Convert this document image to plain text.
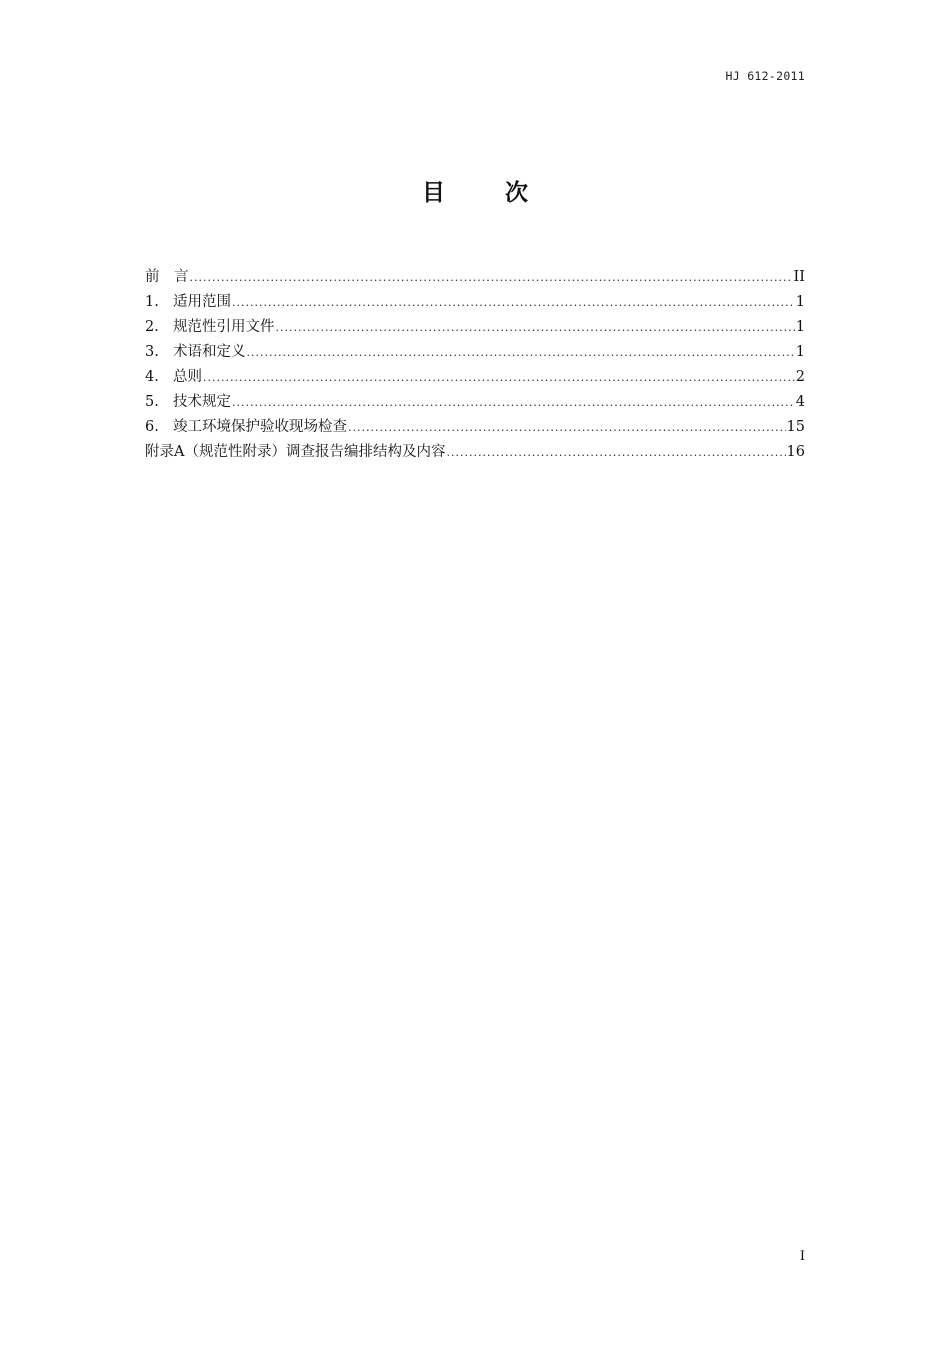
HJ 612-2011
目 次
前　言 .....	II
1. 适用范围 .....	1
2. 规范性引用文件 .....	1
3. 术语和定义 .....	1
4. 总则 .....	2
5. 技术规定 .....	4
6. 竣工环境保护验收现场检查 .....	15
附录A（规范性附录）调查报告编排结构及内容 .....	16
I
